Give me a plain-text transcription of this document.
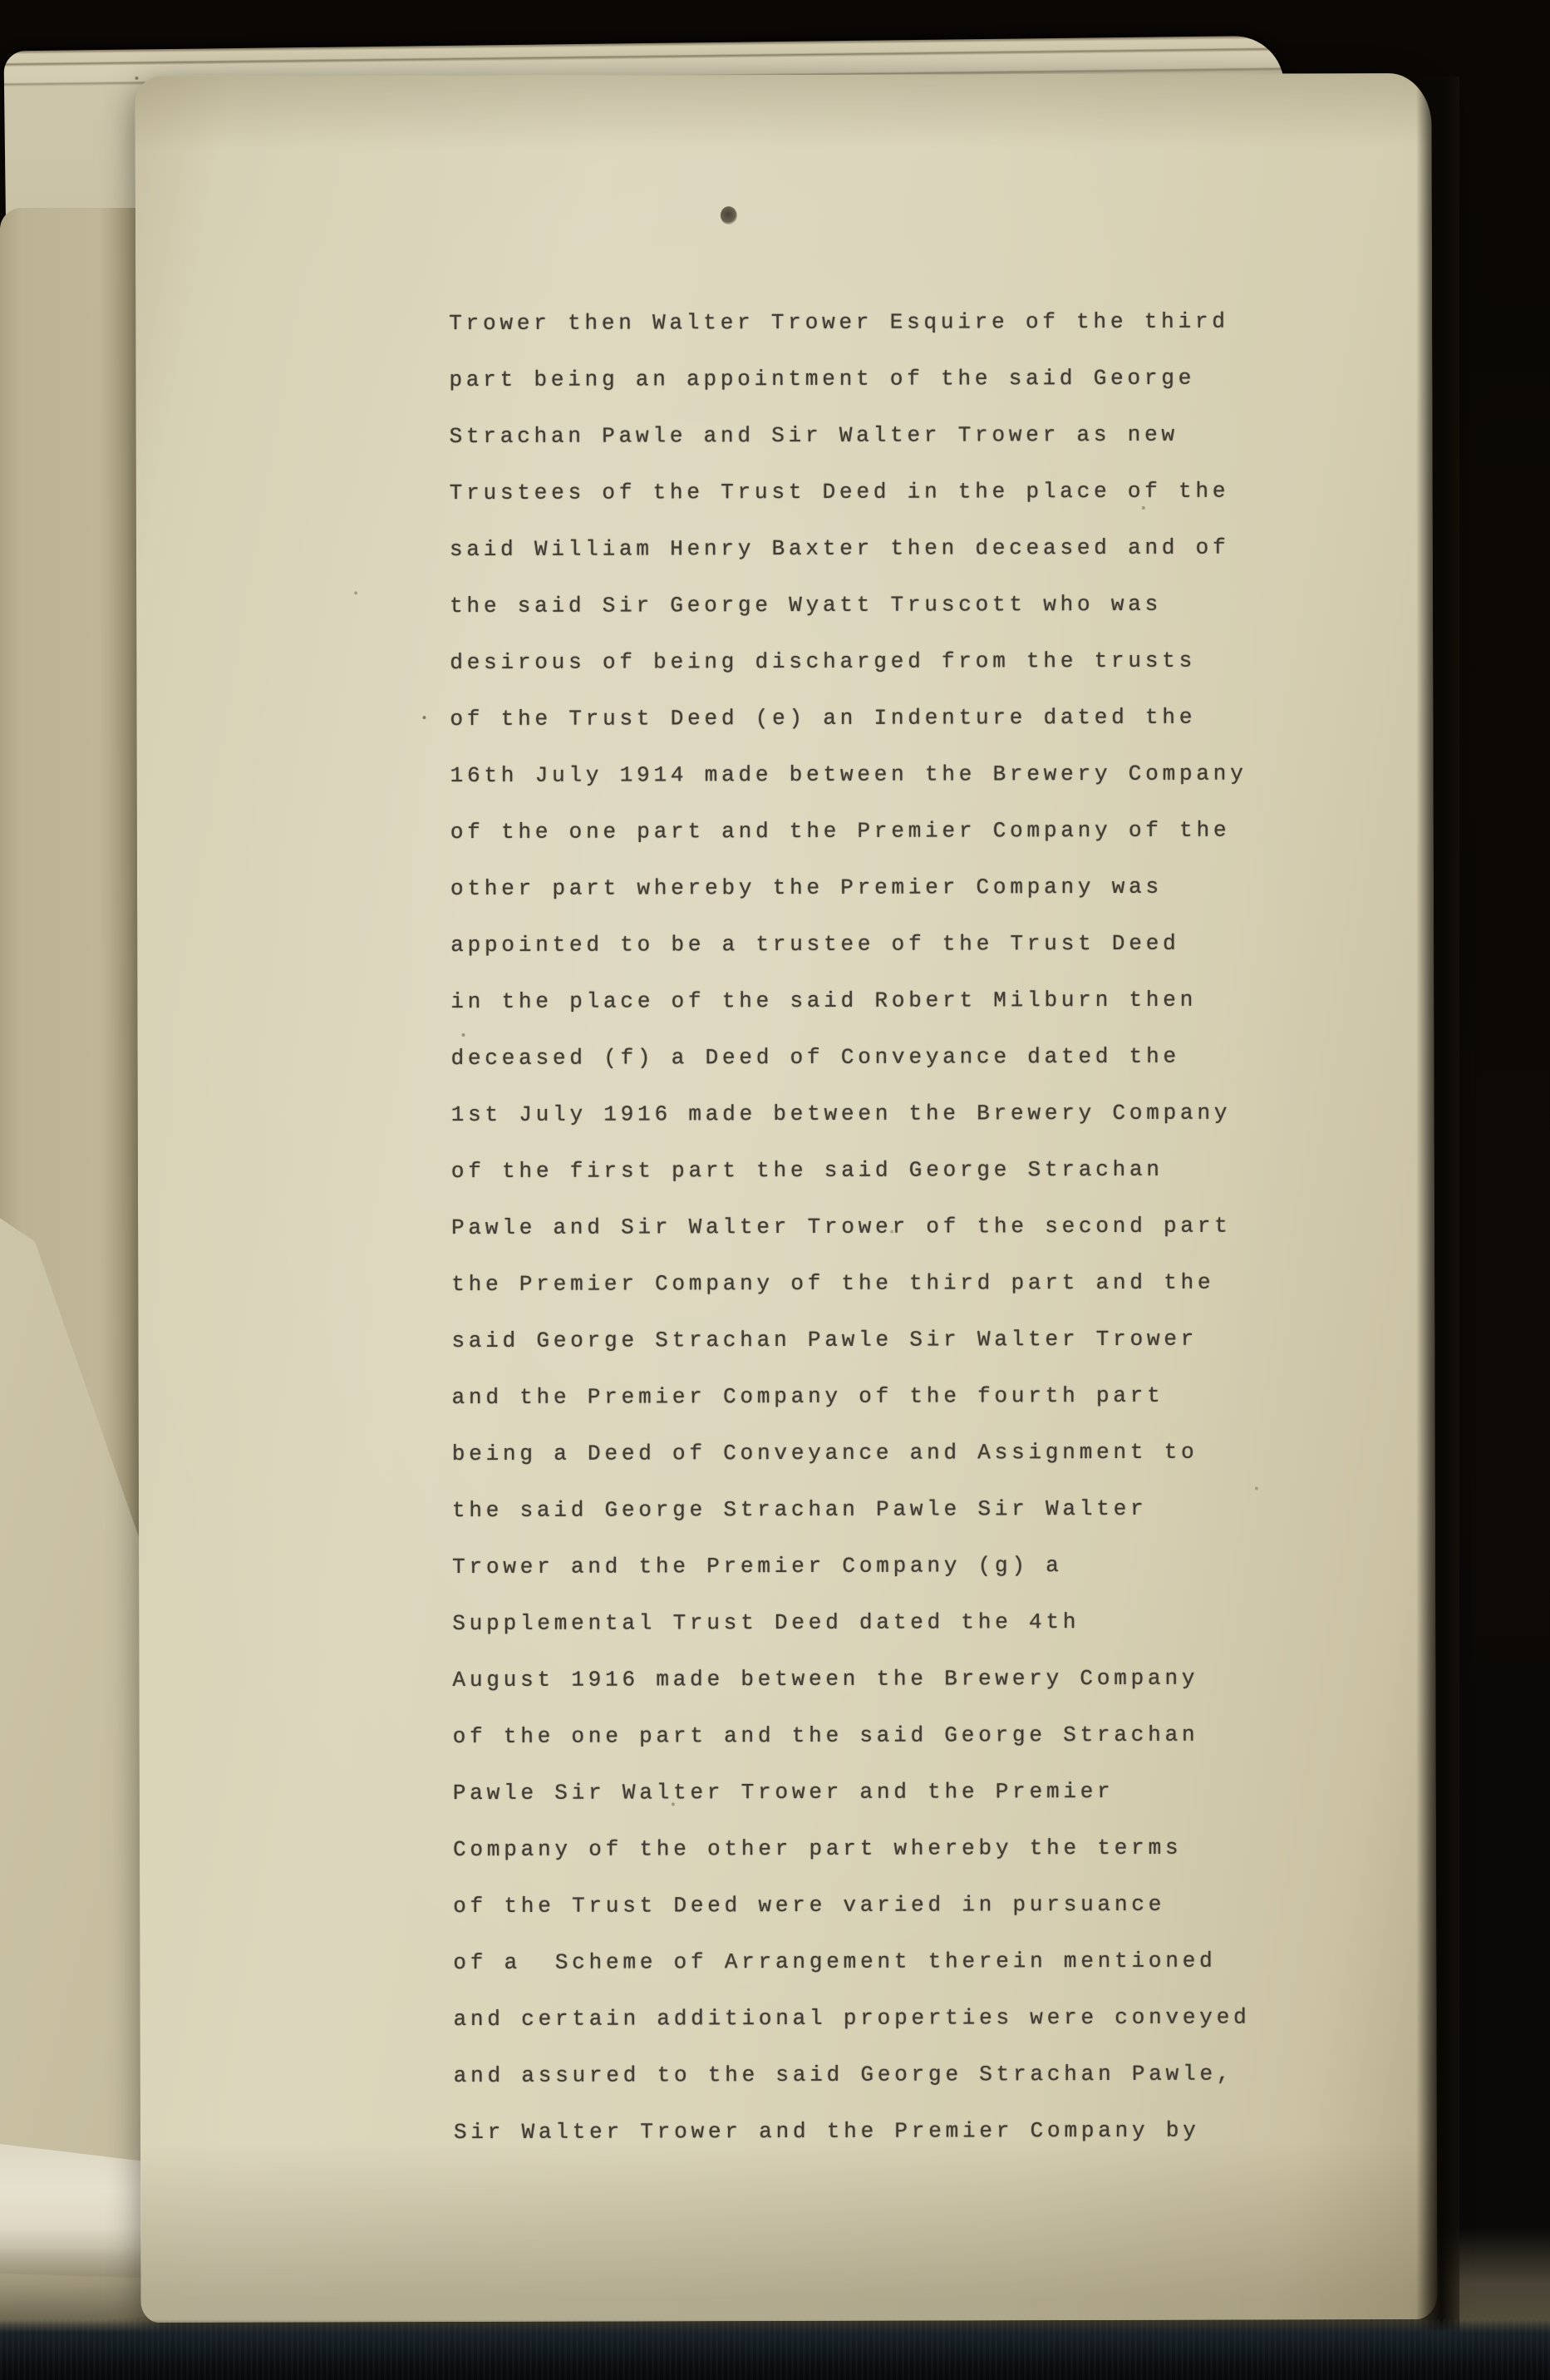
Trower then Walter Trower Esquire of the third
part being an appointment of the said George
Strachan Pawle and Sir Walter Trower as new
Trustees of the Trust Deed in the place of the
said William Henry Baxter then deceased and of
the said Sir George Wyatt Truscott who was
desirous of being discharged from the trusts
of the Trust Deed (e) an Indenture dated the
16th July 1914 made between the Brewery Company
of the one part and the Premier Company of the
other part whereby the Premier Company was
appointed to be a trustee of the Trust Deed
in the place of the said Robert Milburn then
deceased (f) a Deed of Conveyance dated the
1st July 1916 made between the Brewery Company
of the first part the said George Strachan
Pawle and Sir Walter Trower of the second part
the Premier Company of the third part and the
said George Strachan Pawle Sir Walter Trower
and the Premier Company of the fourth part
being a Deed of Conveyance and Assignment to
the said George Strachan Pawle Sir Walter
Trower and the Premier Company (g) a
Supplemental Trust Deed dated the 4th
August 1916 made between the Brewery Company
of the one part and the said George Strachan
Pawle Sir Walter Trower and the Premier
Company of the other part whereby the terms
of the Trust Deed were varied in pursuance
of a  Scheme of Arrangement therein mentioned
and certain additional properties were conveyed
and assured to the said George Strachan Pawle,
Sir Walter Trower and the Premier Company by
